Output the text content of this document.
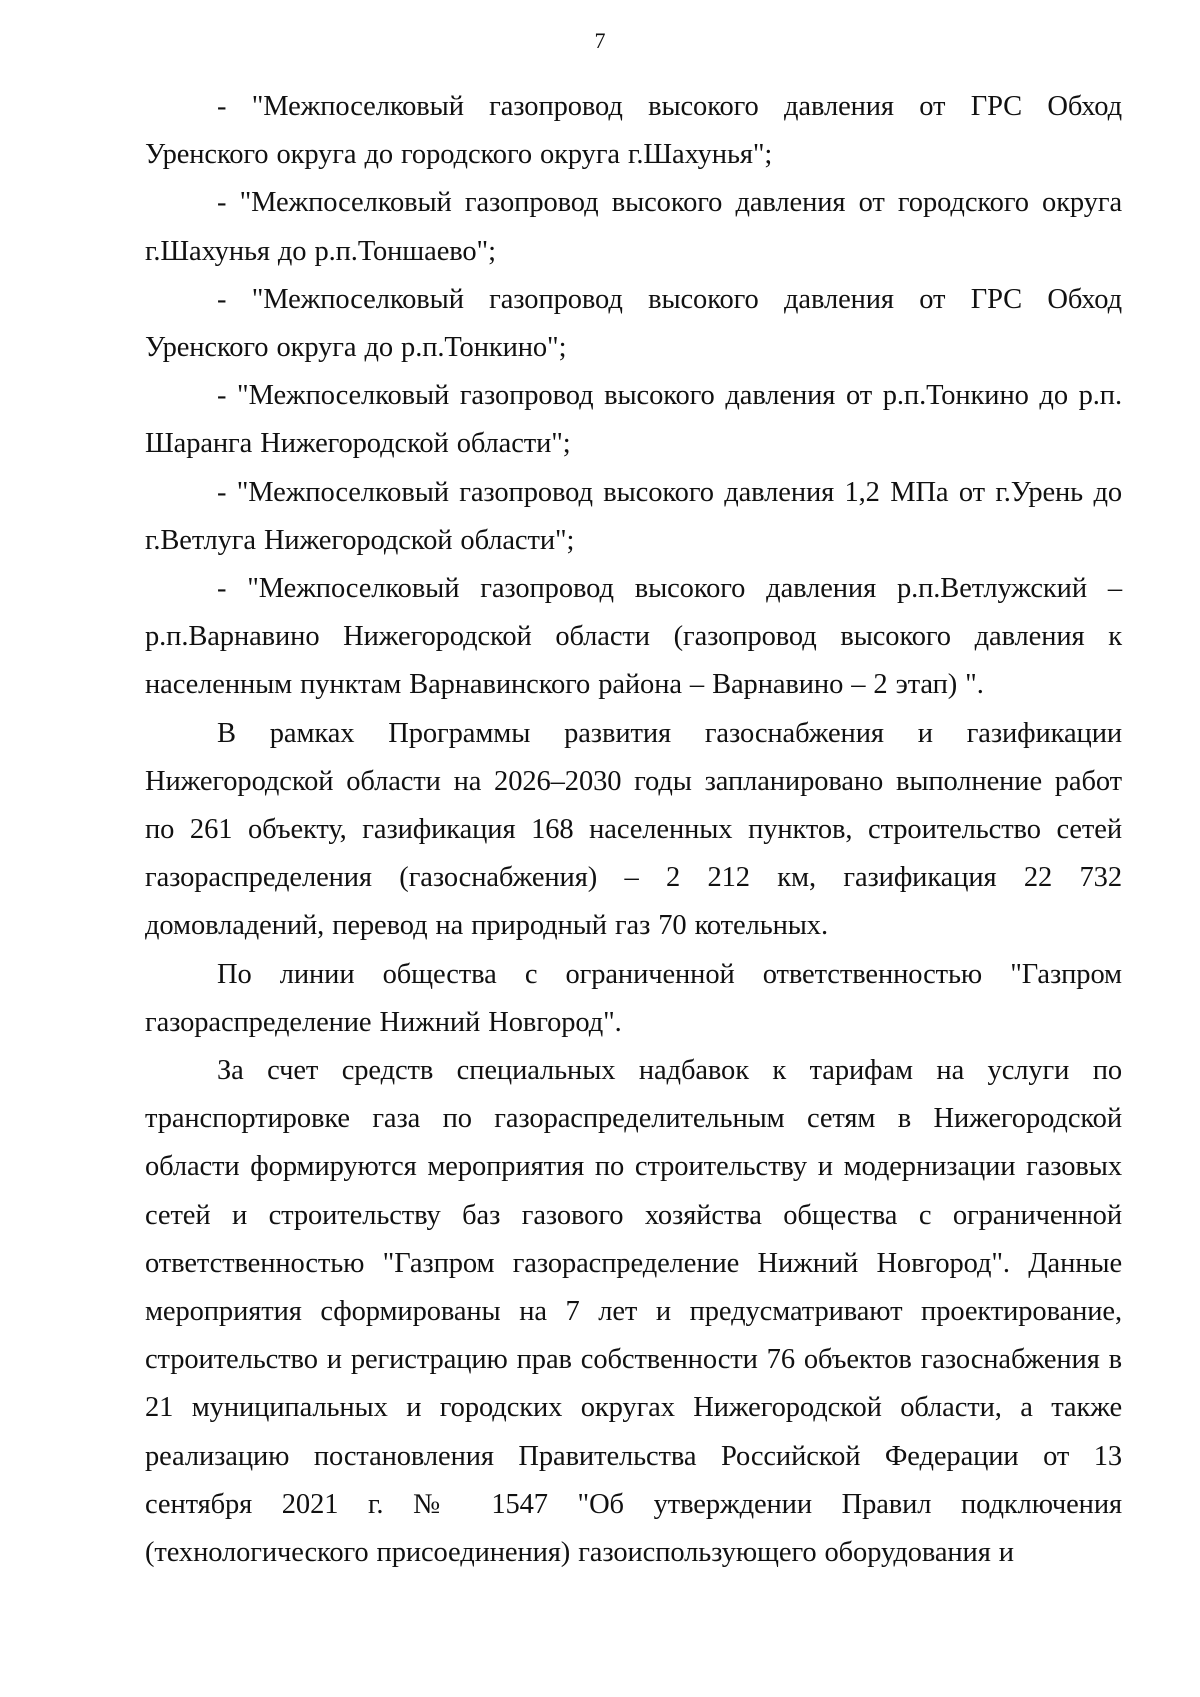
7

- "Межпоселковый газопровод высокого давления от ГРС Обход Уренского округа до городского округа г.Шахунья";

- "Межпоселковый газопровод высокого давления от городского округа г.Шахунья до р.п.Тоншаево";

- "Межпоселковый газопровод высокого давления от ГРС Обход Уренского округа до р.п.Тонкино";

- "Межпоселковый газопровод высокого давления от р.п.Тонкино до р.п. Шаранга Нижегородской области";

- "Межпоселковый газопровод высокого давления 1,2 МПа от г.Урень до г.Ветлуга Нижегородской области";

- "Межпоселковый газопровод высокого давления р.п.Ветлужский –р.п.Варнавино Нижегородской области (газопровод высокого давления к населенным пунктам Варнавинского района – Варнавино – 2 этап) ".

В рамках Программы развития газоснабжения и газификации Нижегородской области на 2026–2030 годы запланировано выполнение работ по 261 объекту, газификация 168 населенных пунктов, строительство сетей газораспределения (газоснабжения) – 2 212 км, газификация 22 732 домовладений, перевод на природный газ 70 котельных.

По линии общества с ограниченной ответственностью "Газпром газораспределение Нижний Новгород".

За счет средств специальных надбавок к тарифам на услуги по транспортировке газа по газораспределительным сетям в Нижегородской области формируются мероприятия по строительству и модернизации газовых сетей и строительству баз газового хозяйства общества с ограниченной ответственностью "Газпром газораспределение Нижний Новгород". Данные мероприятия сформированы на 7 лет и предусматривают проектирование, строительство и регистрацию прав собственности 76 объектов газоснабжения в 21 муниципальных и городских округах Нижегородской области, а также реализацию постановления Правительства Российской Федерации от 13 сентября 2021 г. № 1547 "Об утверждении Правил подключения (технологического присоединения) газоиспользующего оборудования и
